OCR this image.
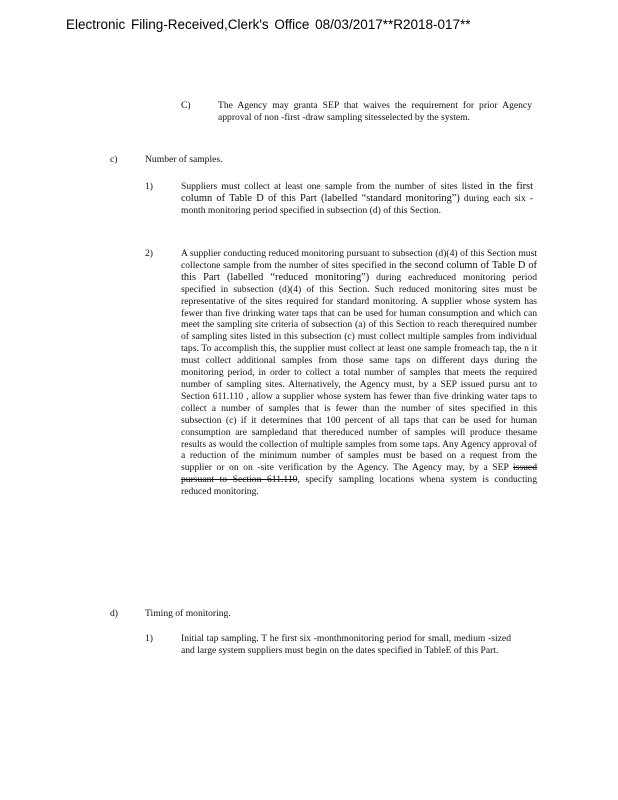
Electronic Filing-Received,Clerk's Office 08/03/2017**R2018-017**
C)	The Agency may granta SEP that waives the requirement for prior Agency approval of non -first -draw sampling sitesselected by the system.
c)	Number of samples.
1)	Suppliers must collect at least one sample from the number of sites listed in the first column of Table D of this Part (labelled “standard monitoring”) during each six -month monitoring period specified in subsection (d) of this Section.
2)	A supplier conducting reduced monitoring pursuant to subsection (d)(4) of this Section must collectone sample from the number of sites specified in the second column of Table D of this Part (labelled “reduced monitoring”) during eachreduced monitoring period specified in subsection (d)(4) of this Section. Such reduced monitoring sites must be representative of the sites required for standard monitoring. A supplier whose system has fewer than five drinking water taps that can be used for human consumption and which can meet the sampling site criteria of subsection (a) of this Section to reach therequired number of sampling sites listed in this subsection (c) must collect multiple samples from individual taps. To accomplish this, the supplier must collect at least one sample fromeach tap, the n it must collect additional samples from those same taps on different days during the monitoring period, in order to collect a total number of samples that meets the required number of sampling sites. Alternatively, the Agency must, by a SEP issued pursu ant to Section 611.110 , allow a supplier whose system has fewer than five drinking water taps to collect a number of samples that is fewer than the number of sites specified in this subsection (c) if it determines that 100 percent of all taps that can be used for human consumption are sampledand that thereduced number of samples will produce thesame results as would the collection of multiple samples from some taps. Any Agency approval of a reduction of the minimum number of samples must be based on a request from the supplier or on on -site verification by the Agency. The Agency may, by a SEP issued pursuant to Section 611.110, specify sampling locations whena system is conducting reduced monitoring.
d)	Timing of monitoring.
1)	Initial tap sampling. T he first six -monthmonitoring period for small, medium -sized and large system suppliers must begin on the dates specified in TableE of this Part.
